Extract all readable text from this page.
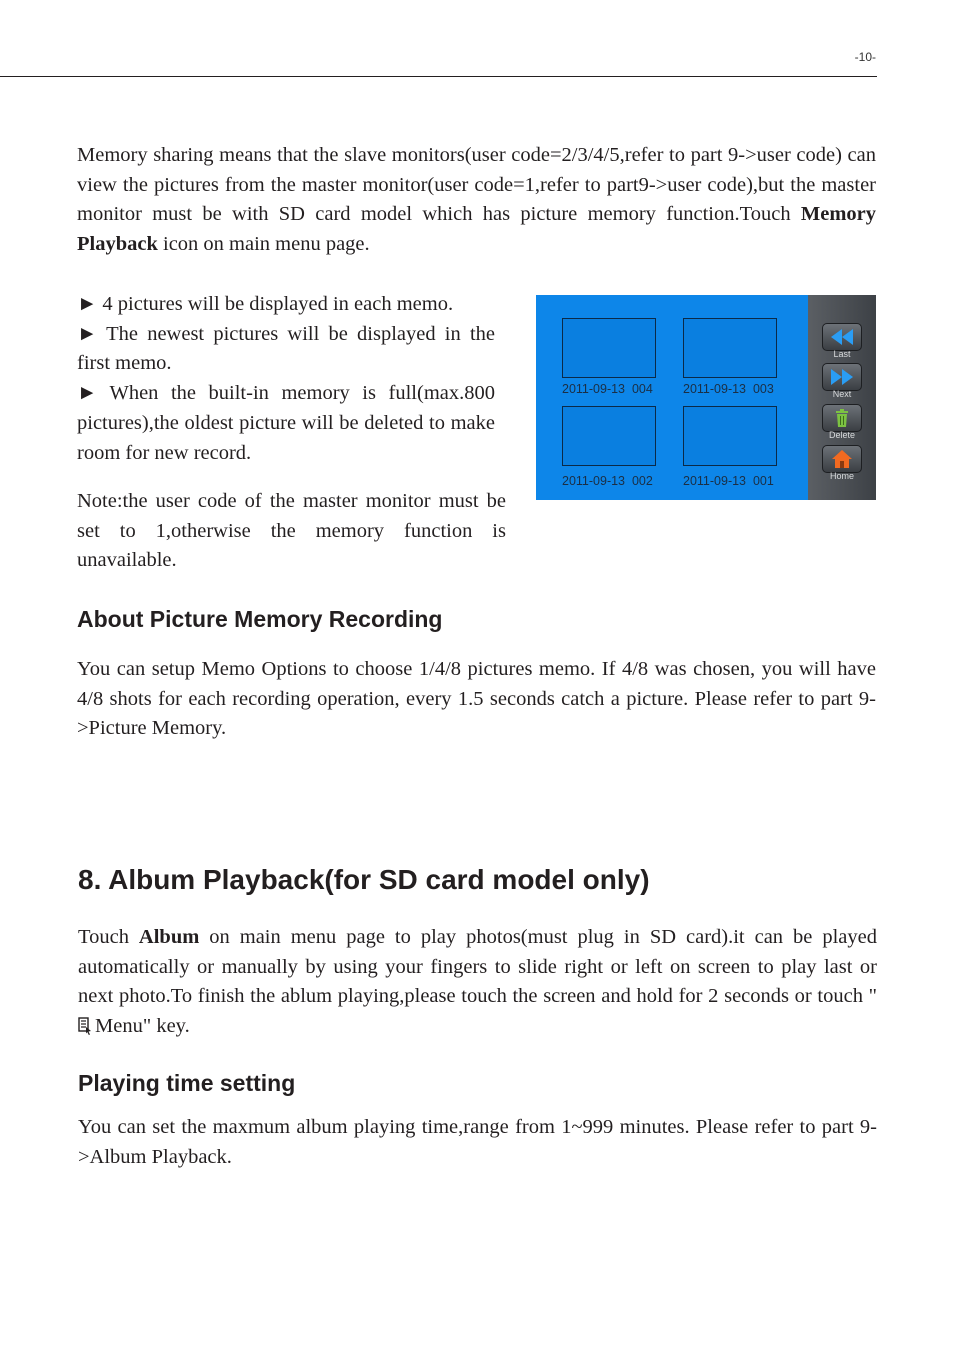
-10-

Memory sharing means that the slave monitors(user code=2/3/4/5,refer to part 9->user code) can view the pictures from the master monitor(user code=1,refer to part9->user code),but the master monitor must be with SD card model which has picture memory function.Touch Memory Playback icon on main menu page.

► 4 pictures will be displayed in each memo.
► The newest pictures will be displayed in the first memo.
► When the built-in memory is full(max.800 pictures),the oldest picture will be deleted to make room for new record.

Note:the user code of the master monitor must be set to 1,otherwise the memory function is unavailable.

2011-09-13  004 2011-09-13  003
2011-09-13  002 2011-09-13  001
Last
Next
Delete
Home
About Picture Memory Recording

You can setup Memo Options to choose 1/4/8 pictures memo. If 4/8 was chosen, you will have 4/8 shots for each recording operation, every 1.5 seconds catch a picture. Please refer to part 9->Picture Memory.

8. Album Playback(for SD card model only)

Touch Album on main menu page to play photos(must plug in SD card).it can be played automatically or manually by using your fingers to slide right or left on screen to play last or next photo.To finish the ablum playing,please touch the screen and hold for 2 seconds or touch "Menu" key.

Playing time setting

You can set the maxmum album playing time,range from 1~999 minutes. Please refer to part 9->Album Playback.
